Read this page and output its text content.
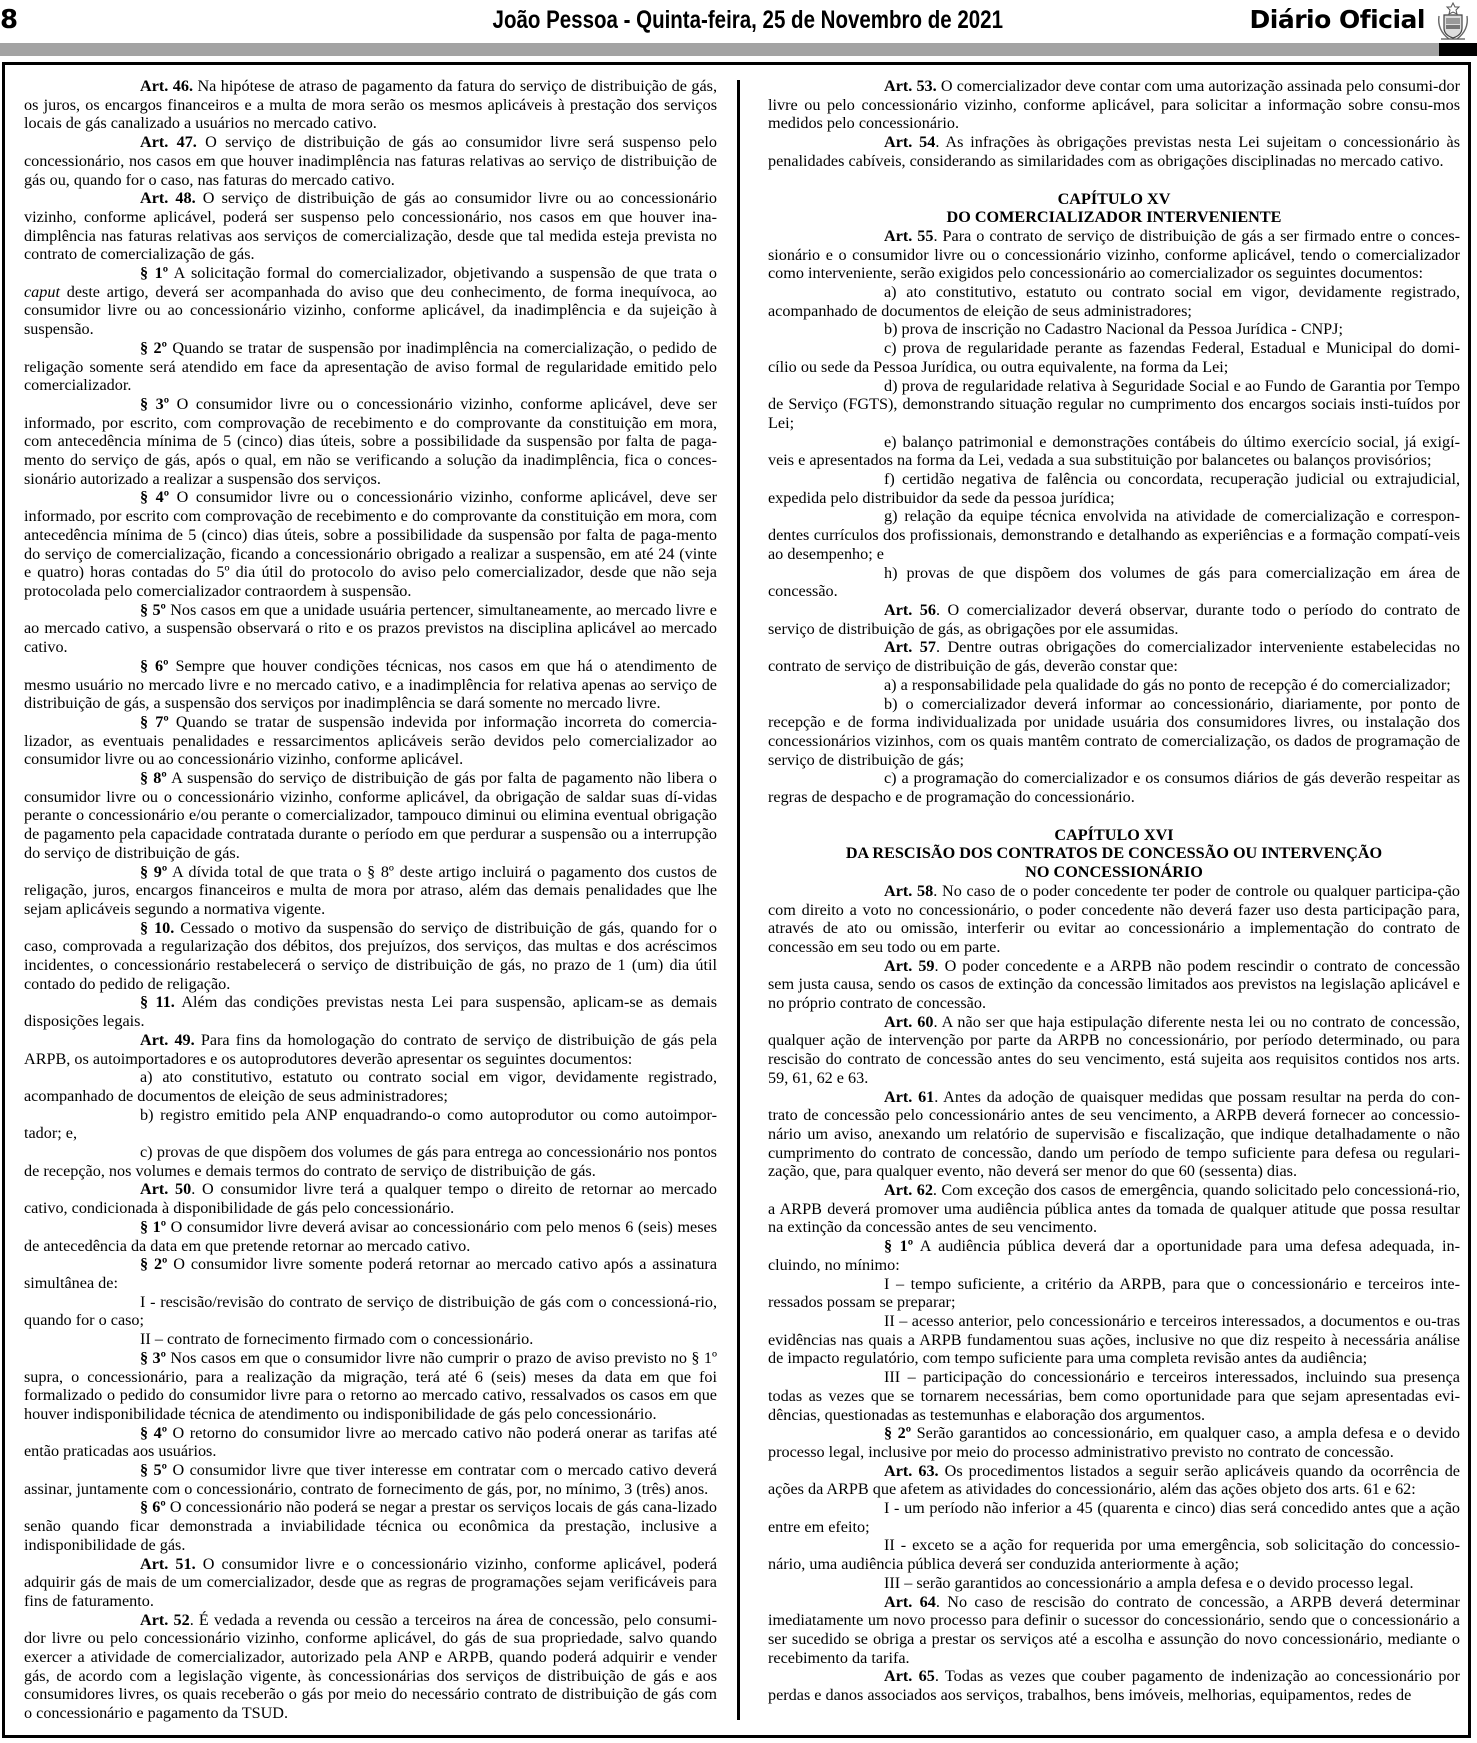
8	João Pessoa - Quinta-feira, 25 de Novembro de 2021	Diário Oficial

Art. 46. Na hipótese de atraso de pagamento da fatura do serviço de distribuição de gás, os juros, os encargos financeiros e a multa de mora serão os mesmos aplicáveis à prestação dos serviços locais de gás canalizado a usuários no mercado cativo.

Art. 47. O serviço de distribuição de gás ao consumidor livre será suspenso pelo concessionário, nos casos em que houver inadimplência nas faturas relativas ao serviço de distribuição de gás ou, quando for o caso, nas faturas do mercado cativo.

Art. 48. O serviço de distribuição de gás ao consumidor livre ou ao concessionário vizinho, conforme aplicável, poderá ser suspenso pelo concessionário, nos casos em que houver ina-dimplência nas faturas relativas aos serviços de comercialização, desde que tal medida esteja prevista no contrato de comercialização de gás.

§ 1º A solicitação formal do comercializador, objetivando a suspensão de que trata o caput deste artigo, deverá ser acompanhada do aviso que deu conhecimento, de forma inequívoca, ao consumidor livre ou ao concessionário vizinho, conforme aplicável, da inadimplência e da sujeição à suspensão.

§ 2º Quando se tratar de suspensão por inadimplência na comercialização, o pedido de religação somente será atendido em face da apresentação de aviso formal de regularidade emitido pelo comercializador.

§ 3º O consumidor livre ou o concessionário vizinho, conforme aplicável, deve ser informado, por escrito, com comprovação de recebimento e do comprovante da constituição em mora, com antecedência mínima de 5 (cinco) dias úteis, sobre a possibilidade da suspensão por falta de paga-mento do serviço de gás, após o qual, em não se verificando a solução da inadimplência, fica o conces-sionário autorizado a realizar a suspensão dos serviços.

§ 4º O consumidor livre ou o concessionário vizinho, conforme aplicável, deve ser informado, por escrito com comprovação de recebimento e do comprovante da constituição em mora, com antecedência mínima de 5 (cinco) dias úteis, sobre a possibilidade da suspensão por falta de paga-mento do serviço de comercialização, ficando a concessionário obrigado a realizar a suspensão, em até 24 (vinte e quatro) horas contadas do 5º dia útil do protocolo do aviso pelo comercializador, desde que não seja protocolada pelo comercializador contraordem à suspensão.

§ 5º Nos casos em que a unidade usuária pertencer, simultaneamente, ao mercado livre e ao mercado cativo, a suspensão observará o rito e os prazos previstos na disciplina aplicável ao mercado cativo.

§ 6º Sempre que houver condições técnicas, nos casos em que há o atendimento de mesmo usuário no mercado livre e no mercado cativo, e a inadimplência for relativa apenas ao serviço de distribuição de gás, a suspensão dos serviços por inadimplência se dará somente no mercado livre.

§ 7º Quando se tratar de suspensão indevida por informação incorreta do comercia-lizador, as eventuais penalidades e ressarcimentos aplicáveis serão devidos pelo comercializador ao consumidor livre ou ao concessionário vizinho, conforme aplicável.

§ 8º A suspensão do serviço de distribuição de gás por falta de pagamento não libera o consumidor livre ou o concessionário vizinho, conforme aplicável, da obrigação de saldar suas dí-vidas perante o concessionário e/ou perante o comercializador, tampouco diminui ou elimina eventual obrigação de pagamento pela capacidade contratada durante o período em que perdurar a suspensão ou a interrupção do serviço de distribuição de gás.

§ 9º A dívida total de que trata o § 8º deste artigo incluirá o pagamento dos custos de religação, juros, encargos financeiros e multa de mora por atraso, além das demais penalidades que lhe sejam aplicáveis segundo a normativa vigente.

§ 10. Cessado o motivo da suspensão do serviço de distribuição de gás, quando for o caso, comprovada a regularização dos débitos, dos prejuízos, dos serviços, das multas e dos acréscimos incidentes, o concessionário restabelecerá o serviço de distribuição de gás, no prazo de 1 (um) dia útil contado do pedido de religação.

§ 11. Além das condições previstas nesta Lei para suspensão, aplicam-se as demais disposições legais.

Art. 49. Para fins da homologação do contrato de serviço de distribuição de gás pela ARPB, os autoimportadores e os autoprodutores deverão apresentar os seguintes documentos:

a) ato constitutivo, estatuto ou contrato social em vigor, devidamente registrado, acompanhado de documentos de eleição de seus administradores;

b) registro emitido pela ANP enquadrando-o como autoprodutor ou como autoimpor-tador; e,

c) provas de que dispõem dos volumes de gás para entrega ao concessionário nos pontos de recepção, nos volumes e demais termos do contrato de serviço de distribuição de gás.

Art. 50. O consumidor livre terá a qualquer tempo o direito de retornar ao mercado cativo, condicionada à disponibilidade de gás pelo concessionário.

§ 1º O consumidor livre deverá avisar ao concessionário com pelo menos 6 (seis) meses de antecedência da data em que pretende retornar ao mercado cativo.

§ 2º O consumidor livre somente poderá retornar ao mercado cativo após a assinatura simultânea de:

I - rescisão/revisão do contrato de serviço de distribuição de gás com o concessioná-rio, quando for o caso;

II – contrato de fornecimento firmado com o concessionário.

§ 3º Nos casos em que o consumidor livre não cumprir o prazo de aviso previsto no § 1º supra, o concessionário, para a realização da migração, terá até 6 (seis) meses da data em que foi formalizado o pedido do consumidor livre para o retorno ao mercado cativo, ressalvados os casos em que houver indisponibilidade técnica de atendimento ou indisponibilidade de gás pelo concessionário.

§ 4º O retorno do consumidor livre ao mercado cativo não poderá onerar as tarifas até então praticadas aos usuários.

§ 5º O consumidor livre que tiver interesse em contratar com o mercado cativo deverá assinar, juntamente com o concessionário, contrato de fornecimento de gás, por, no mínimo, 3 (três) anos.

§ 6º O concessionário não poderá se negar a prestar os serviços locais de gás cana-lizado senão quando ficar demonstrada a inviabilidade técnica ou econômica da prestação, inclusive a indisponibilidade de gás.

Art. 51. O consumidor livre e o concessionário vizinho, conforme aplicável, poderá adquirir gás de mais de um comercializador, desde que as regras de programações sejam verificáveis para fins de faturamento.

Art. 52. É vedada a revenda ou cessão a terceiros na área de concessão, pelo consumi-dor livre ou pelo concessionário vizinho, conforme aplicável, do gás de sua propriedade, salvo quando exercer a atividade de comercializador, autorizado pela ANP e ARPB, quando poderá adquirir e vender gás, de acordo com a legislação vigente, às concessionárias dos serviços de distribuição de gás e aos consumidores livres, os quais receberão o gás por meio do necessário contrato de distribuição de gás com o concessionário e pagamento da TSUD.

Art. 53. O comercializador deve contar com uma autorização assinada pelo consumi-dor livre ou pelo concessionário vizinho, conforme aplicável, para solicitar a informação sobre consu-mos medidos pelo concessionário.

Art. 54. As infrações às obrigações previstas nesta Lei sujeitam o concessionário às penalidades cabíveis, considerando as similaridades com as obrigações disciplinadas no mercado cativo.

CAPÍTULO XV
DO COMERCIALIZADOR INTERVENIENTE

Art. 55. Para o contrato de serviço de distribuição de gás a ser firmado entre o conces-sionário e o consumidor livre ou o concessionário vizinho, conforme aplicável, tendo o comercializador como interveniente, serão exigidos pelo concessionário ao comercializador os seguintes documentos:

a) ato constitutivo, estatuto ou contrato social em vigor, devidamente registrado, acompanhado de documentos de eleição de seus administradores;

b) prova de inscrição no Cadastro Nacional da Pessoa Jurídica - CNPJ;

c) prova de regularidade perante as fazendas Federal, Estadual e Municipal do domi-cílio ou sede da Pessoa Jurídica, ou outra equivalente, na forma da Lei;

d) prova de regularidade relativa à Seguridade Social e ao Fundo de Garantia por Tempo de Serviço (FGTS), demonstrando situação regular no cumprimento dos encargos sociais insti-tuídos por Lei;

e) balanço patrimonial e demonstrações contábeis do último exercício social, já exigí-veis e apresentados na forma da Lei, vedada a sua substituição por balancetes ou balanços provisórios;

f) certidão negativa de falência ou concordata, recuperação judicial ou extrajudicial, expedida pelo distribuidor da sede da pessoa jurídica;

g) relação da equipe técnica envolvida na atividade de comercialização e correspon-dentes currículos dos profissionais, demonstrando e detalhando as experiências e a formação compatí-veis ao desempenho; e

h) provas de que dispõem dos volumes de gás para comercialização em área de concessão.

Art. 56. O comercializador deverá observar, durante todo o período do contrato de serviço de distribuição de gás, as obrigações por ele assumidas.

Art. 57. Dentre outras obrigações do comercializador interveniente estabelecidas no contrato de serviço de distribuição de gás, deverão constar que:

a) a responsabilidade pela qualidade do gás no ponto de recepção é do comercializador;

b) o comercializador deverá informar ao concessionário, diariamente, por ponto de recepção e de forma individualizada por unidade usuária dos consumidores livres, ou instalação dos concessionários vizinhos, com os quais mantêm contrato de comercialização, os dados de programação de serviço de distribuição de gás;

c) a programação do comercializador e os consumos diários de gás deverão respeitar as regras de despacho e de programação do concessionário.

CAPÍTULO XVI
DA RESCISÃO DOS CONTRATOS DE CONCESSÃO OU INTERVENÇÃO
NO CONCESSIONÁRIO

Art. 58. No caso de o poder concedente ter poder de controle ou qualquer participa-ção com direito a voto no concessionário, o poder concedente não deverá fazer uso desta participação para, através de ato ou omissão, interferir ou evitar ao concessionário a implementação do contrato de concessão em seu todo ou em parte.

Art. 59. O poder concedente e a ARPB não podem rescindir o contrato de concessão sem justa causa, sendo os casos de extinção da concessão limitados aos previstos na legislação aplicável e no próprio contrato de concessão.

Art. 60. A não ser que haja estipulação diferente nesta lei ou no contrato de concessão, qualquer ação de intervenção por parte da ARPB no concessionário, por período determinado, ou para rescisão do contrato de concessão antes do seu vencimento, está sujeita aos requisitos contidos nos arts. 59, 61, 62 e 63.

Art. 61. Antes da adoção de quaisquer medidas que possam resultar na perda do con-trato de concessão pelo concessionário antes de seu vencimento, a ARPB deverá fornecer ao concessio-nário um aviso, anexando um relatório de supervisão e fiscalização, que indique detalhadamente o não cumprimento do contrato de concessão, dando um período de tempo suficiente para defesa ou regulari-zação, que, para qualquer evento, não deverá ser menor do que 60 (sessenta) dias.

Art. 62. Com exceção dos casos de emergência, quando solicitado pelo concessioná-rio, a ARPB deverá promover uma audiência pública antes da tomada de qualquer atitude que possa resultar na extinção da concessão antes de seu vencimento.

§ 1º A audiência pública deverá dar a oportunidade para uma defesa adequada, in-cluindo, no mínimo:

I – tempo suficiente, a critério da ARPB, para que o concessionário e terceiros inte-ressados possam se preparar;

II – acesso anterior, pelo concessionário e terceiros interessados, a documentos e ou-tras evidências nas quais a ARPB fundamentou suas ações, inclusive no que diz respeito à necessária análise de impacto regulatório, com tempo suficiente para uma completa revisão antes da audiência;

III – participação do concessionário e terceiros interessados, incluindo sua presença todas as vezes que se tornarem necessárias, bem como oportunidade para que sejam apresentadas evi-dências, questionadas as testemunhas e elaboração dos argumentos.

§ 2º Serão garantidos ao concessionário, em qualquer caso, a ampla defesa e o devido processo legal, inclusive por meio do processo administrativo previsto no contrato de concessão.

Art. 63. Os procedimentos listados a seguir serão aplicáveis quando da ocorrência de ações da ARPB que afetem as atividades do concessionário, além das ações objeto dos arts. 61 e 62:

I - um período não inferior a 45 (quarenta e cinco) dias será concedido antes que a ação entre em efeito;

II - exceto se a ação for requerida por uma emergência, sob solicitação do concessio-nário, uma audiência pública deverá ser conduzida anteriormente à ação;

III – serão garantidos ao concessionário a ampla defesa e o devido processo legal.

Art. 64. No caso de rescisão do contrato de concessão, a ARPB deverá determinar imediatamente um novo processo para definir o sucessor do concessionário, sendo que o concessionário a ser sucedido se obriga a prestar os serviços até a escolha e assunção do novo concessionário, mediante o recebimento da tarifa.

Art. 65. Todas as vezes que couber pagamento de indenização ao concessionário por perdas e danos associados aos serviços, trabalhos, bens imóveis, melhorias, equipamentos, redes de
